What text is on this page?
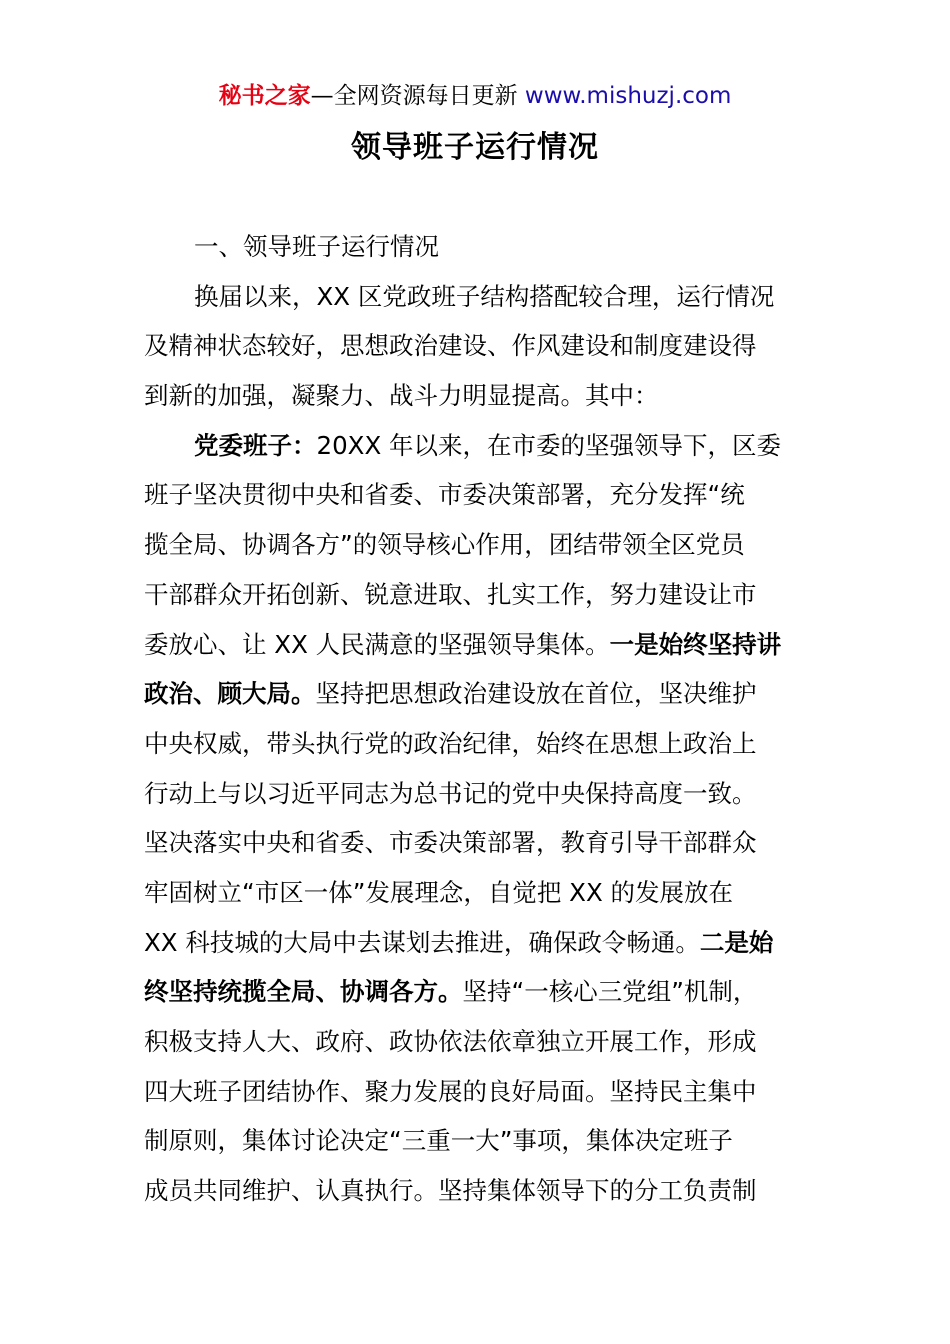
秘书之家—全网资源每日更新 www.mishuzj.com
领导班子运行情况
一、领导班子运行情况
换届以来，XX 区党政班子结构搭配较合理，运行情况
及精神状态较好，思想政治建设、作风建设和制度建设得
到新的加强，凝聚力、战斗力明显提高。其中：
党委班子：20XX 年以来，在市委的坚强领导下，区委
班子坚决贯彻中央和省委、市委决策部署，充分发挥“统
揽全局、协调各方”的领导核心作用，团结带领全区党员
干部群众开拓创新、锐意进取、扎实工作，努力建设让市
委放心、让 XX 人民满意的坚强领导集体。一是始终坚持讲
政治、顾大局。坚持把思想政治建设放在首位，坚决维护
中央权威，带头执行党的政治纪律，始终在思想上政治上
行动上与以习近平同志为总书记的党中央保持高度一致。
坚决落实中央和省委、市委决策部署，教育引导干部群众
牢固树立“市区一体”发展理念，自觉把 XX 的发展放在
XX 科技城的大局中去谋划去推进，确保政令畅通。二是始
终坚持统揽全局、协调各方。坚持“一核心三党组”机制，
积极支持人大、政府、政协依法依章独立开展工作，形成
四大班子团结协作、聚力发展的良好局面。坚持民主集中
制原则，集体讨论决定“三重一大”事项，集体决定班子
成员共同维护、认真执行。坚持集体领导下的分工负责制
